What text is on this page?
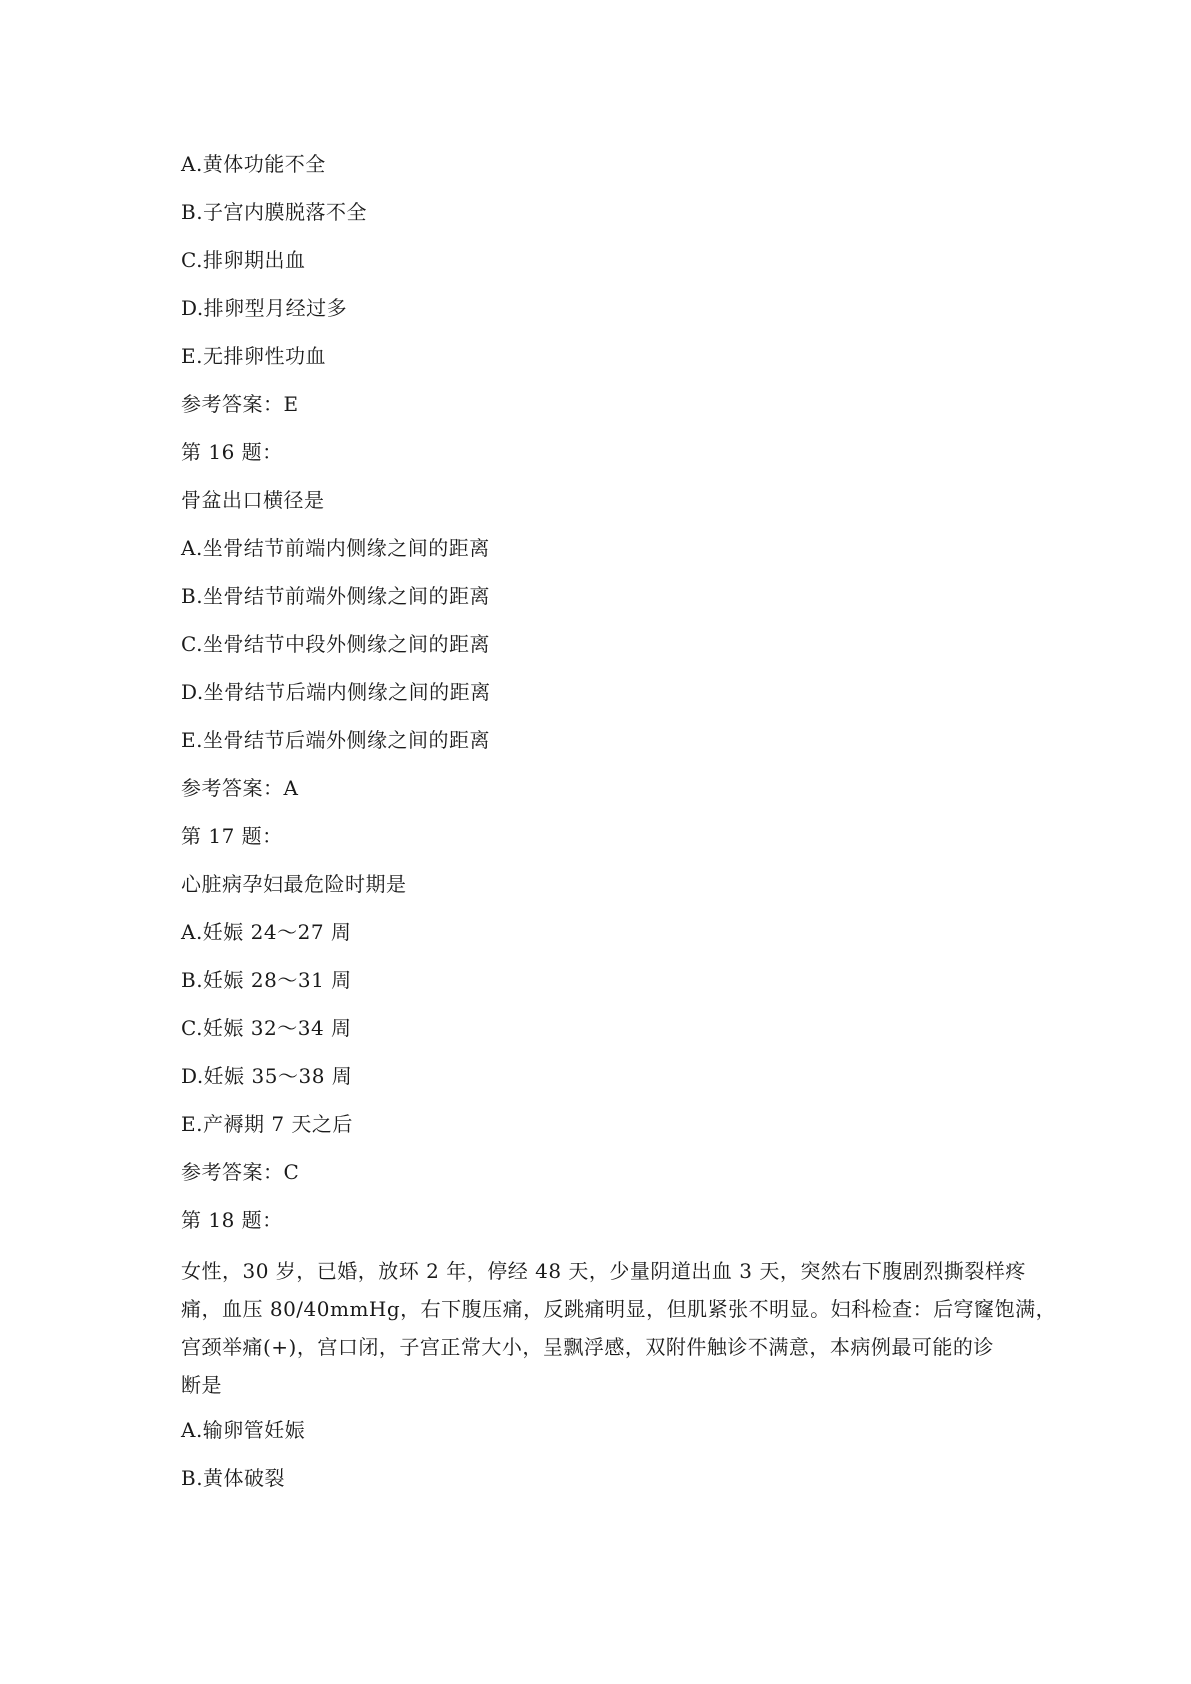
A.黄体功能不全
B.子宫内膜脱落不全
C.排卵期出血
D.排卵型月经过多
E.无排卵性功血
参考答案：E
第 16 题：
骨盆出口横径是
A.坐骨结节前端内侧缘之间的距离
B.坐骨结节前端外侧缘之间的距离
C.坐骨结节中段外侧缘之间的距离
D.坐骨结节后端内侧缘之间的距离
E.坐骨结节后端外侧缘之间的距离
参考答案：A
第 17 题：
心脏病孕妇最危险时期是
A.妊娠 24～27 周
B.妊娠 28～31 周
C.妊娠 32～34 周
D.妊娠 35～38 周
E.产褥期 7 天之后
参考答案：C
第 18 题：
女性，30 岁，已婚，放环 2 年，停经 48 天，少量阴道出血 3 天，突然右下腹剧烈撕裂样疼
痛，血压 80/40mmHg，右下腹压痛，反跳痛明显，但肌紧张不明显。妇科检查：后穹窿饱满，
宫颈举痛(+)，宫口闭，子宫正常大小，呈飘浮感，双附件触诊不满意，本病例最可能的诊
断是
A.输卵管妊娠
B.黄体破裂
